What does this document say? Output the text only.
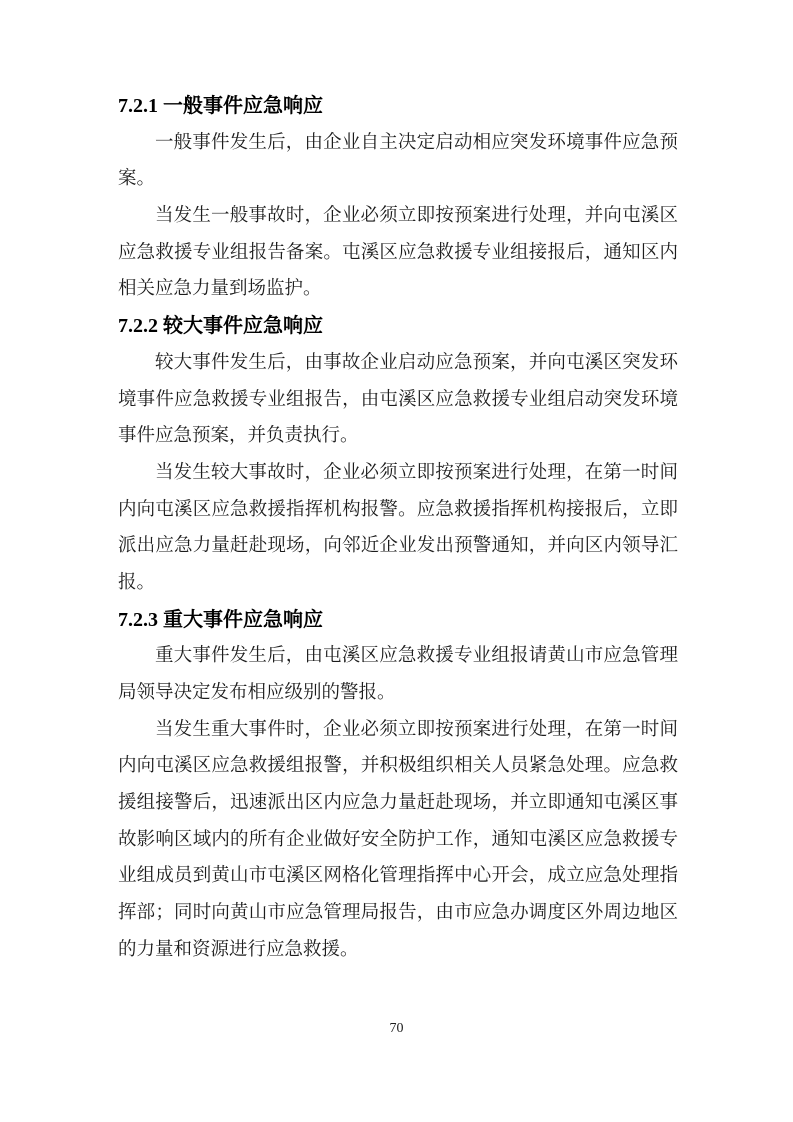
7.2.1 一般事件应急响应
一般事件发生后，由企业自主决定启动相应突发环境事件应急预
案。
当发生一般事故时，企业必须立即按预案进行处理，并向屯溪区
应急救援专业组报告备案。屯溪区应急救援专业组接报后，通知区内
相关应急力量到场监护。
7.2.2 较大事件应急响应
较大事件发生后，由事故企业启动应急预案，并向屯溪区突发环
境事件应急救援专业组报告，由屯溪区应急救援专业组启动突发环境
事件应急预案，并负责执行。
当发生较大事故时，企业必须立即按预案进行处理，在第一时间
内向屯溪区应急救援指挥机构报警。应急救援指挥机构接报后，立即
派出应急力量赶赴现场，向邻近企业发出预警通知，并向区内领导汇
报。
7.2.3 重大事件应急响应
重大事件发生后，由屯溪区应急救援专业组报请黄山市应急管理
局领导决定发布相应级别的警报。
当发生重大事件时，企业必须立即按预案进行处理，在第一时间
内向屯溪区应急救援组报警，并积极组织相关人员紧急处理。应急救
援组接警后，迅速派出区内应急力量赶赴现场，并立即通知屯溪区事
故影响区域内的所有企业做好安全防护工作，通知屯溪区应急救援专
业组成员到黄山市屯溪区网格化管理指挥中心开会，成立应急处理指
挥部；同时向黄山市应急管理局报告，由市应急办调度区外周边地区
的力量和资源进行应急救援。
70
